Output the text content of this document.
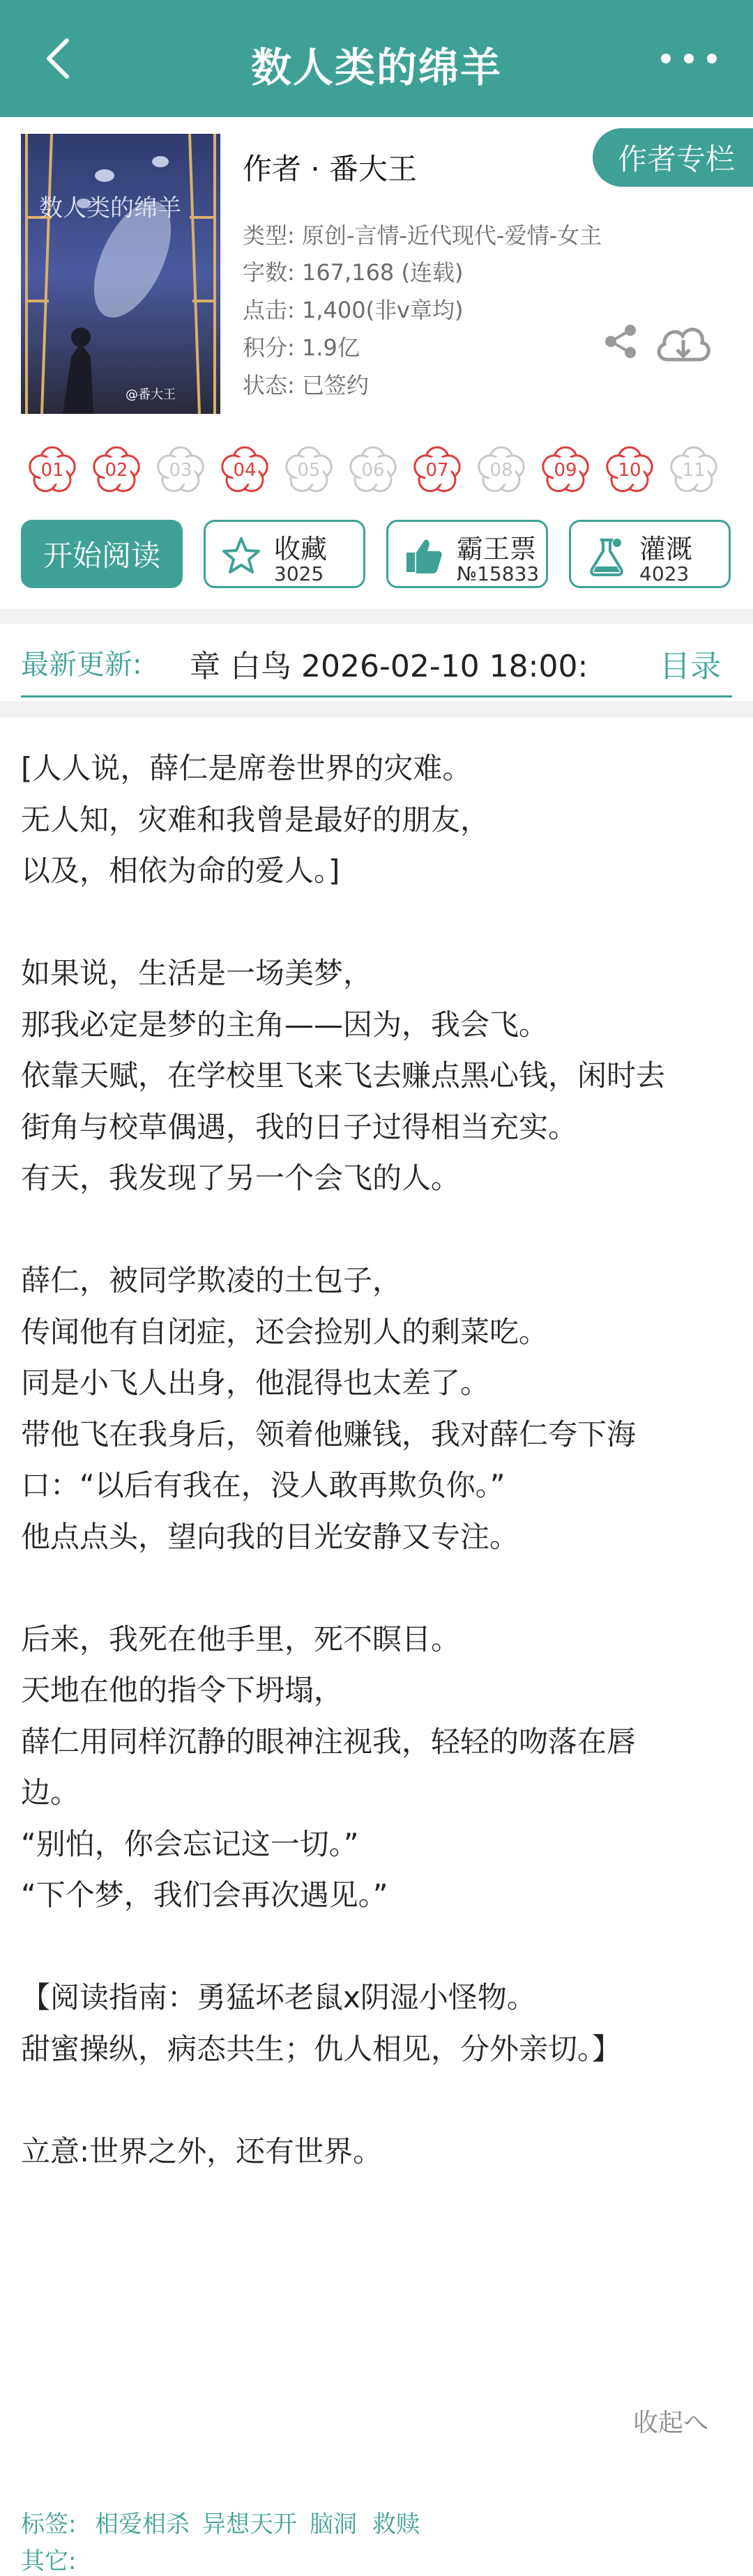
数人类的绵羊
数人类的绵羊
@番大王
作者 · 番大王	作者专栏
类型: 原创-言情-近代现代-爱情-女主
字数: 167,168 (连载)
点击: 1,400(非v章均)
积分: 1.9亿
状态: 已签约
01	02	03	04	05	06	07	08	09	10	11
开始阅读	收藏
3025
霸王票
№15833
灌溉
4023
最新更新: 章 白鸟 2026-02-10 18:00:	目录
[人人说，薛仁是席卷世界的灾难。
无人知，灾难和我曾是最好的朋友，
以及，相依为命的爱人。]
如果说，生活是一场美梦，
那我必定是梦的主角——因为，我会飞。
依靠天赋，在学校里飞来飞去赚点黑心钱，闲时去
街角与校草偶遇，我的日子过得相当充实。
有天，我发现了另一个会飞的人。
薛仁，被同学欺凌的土包子，
传闻他有自闭症，还会捡别人的剩菜吃。
同是小飞人出身，他混得也太差了。
带他飞在我身后，领着他赚钱，我对薛仁夸下海
口：“以后有我在，没人敢再欺负你。”
他点点头，望向我的目光安静又专注。
后来，我死在他手里，死不瞑目。
天地在他的指令下坍塌，
薛仁用同样沉静的眼神注视我，轻轻的吻落在唇
边。
“别怕，你会忘记这一切。”
“下个梦，我们会再次遇见。”
【阅读指南：勇猛坏老鼠x阴湿小怪物。
甜蜜操纵，病态共生；仇人相见，分外亲切。】
立意:世界之外，还有世界。
收起へ
标签: 相爱相杀 异想天开 脑洞 救赎
其它:
